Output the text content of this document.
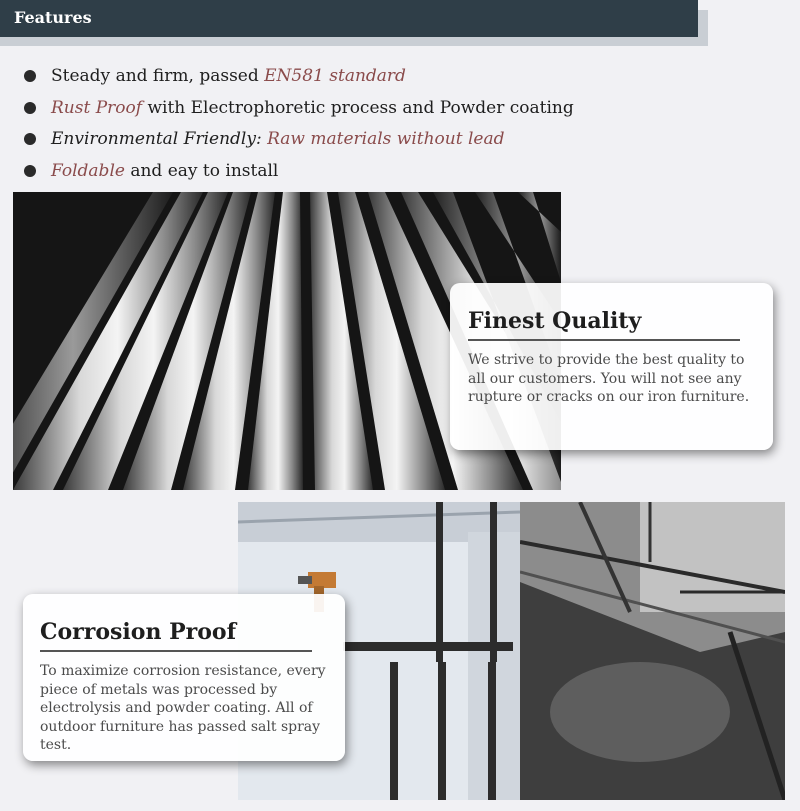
Features
Steady and firm, passed EN581 standard
Rust Proof with Electrophoretic process and Powder coating
Environmental Friendly: Raw materials without lead
Foldable and eay to install
Finest Quality

We strive to provide the best quality to all our customers. You will not see any rupture or cracks on our iron furniture.

Corrosion Proof

To maximize corrosion resistance, every piece of metals was processed by electrolysis and powder coating. All of outdoor furniture has passed salt spray test.
